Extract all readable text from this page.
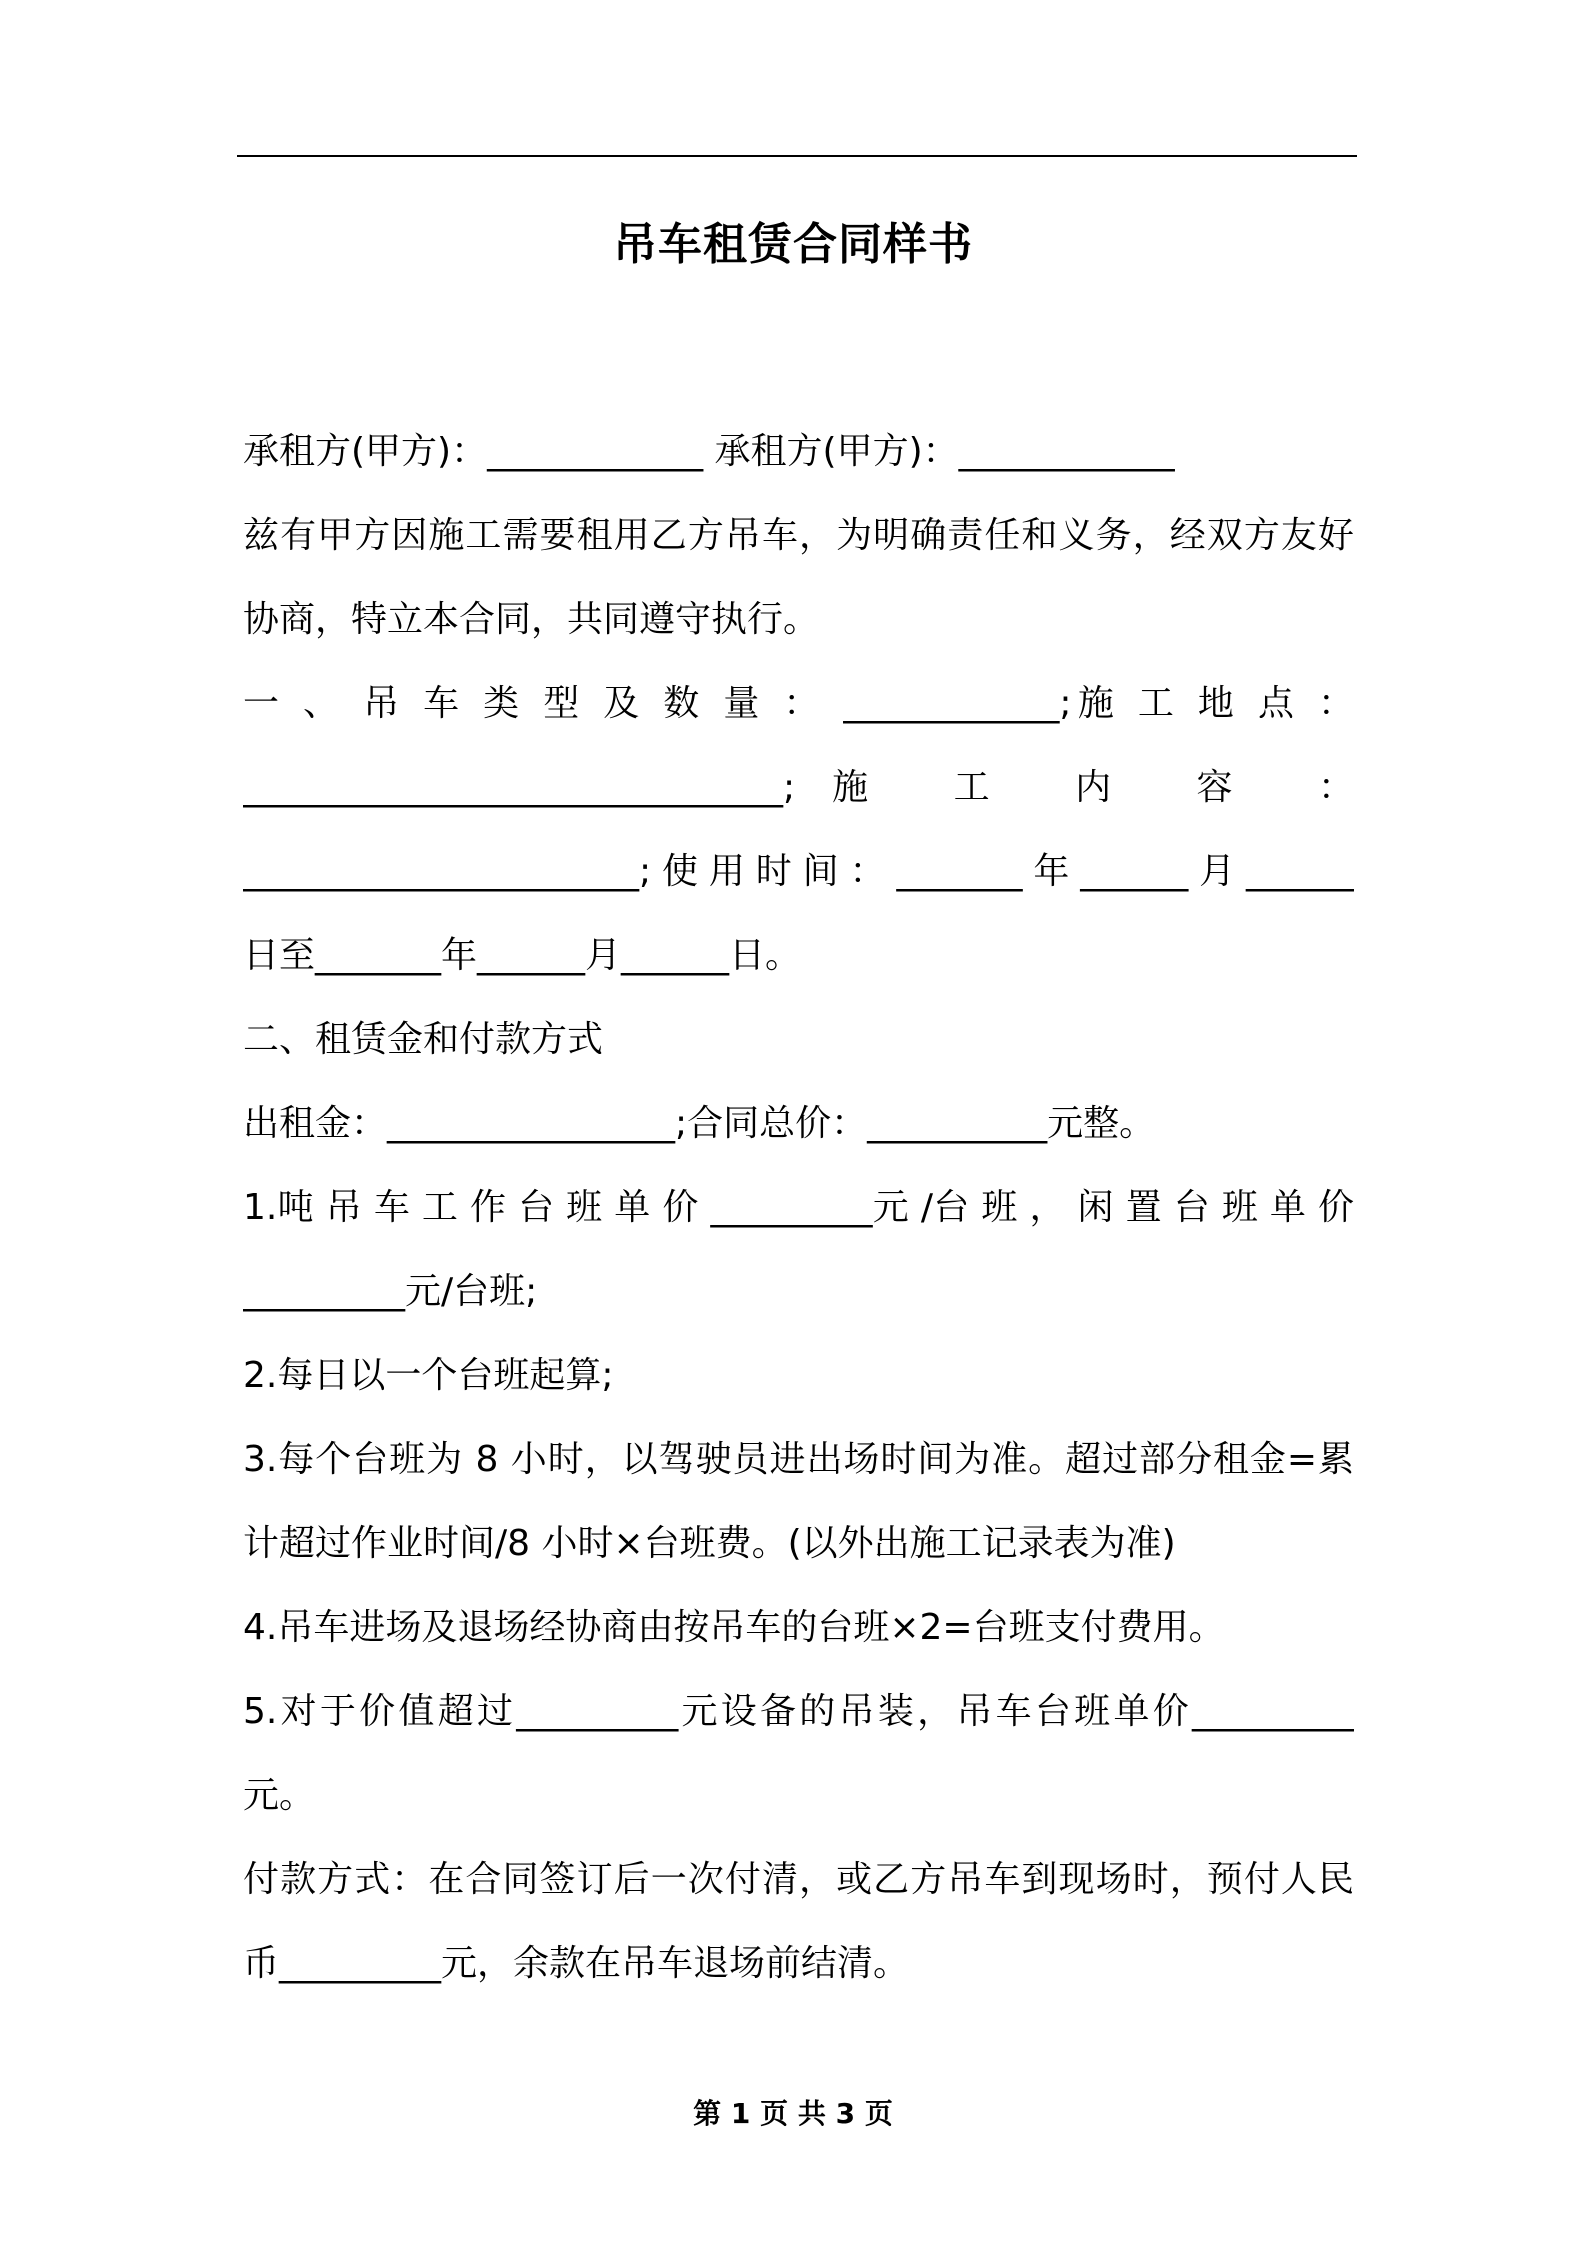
吊车租赁合同样书
承租方(甲方)：____________ 承租方(甲方)：____________
兹有甲方因施工需要租用乙方吊车，为明确责任和义务，经双方友好
协商，特立本合同，共同遵守执行。
一 、 吊 车 类 型 及 数 量 ： ____________;施 工 地 点 ：
______________________________;施 工 内 容 ：
______________________;使用时间：_______年______月______
日至_______年______月______日。
二、租赁金和付款方式
出租金：________________;合同总价：__________元整。
1.吨 吊 车 工 作 台 班 单 价 _________元 /台 班 ， 闲 置 台 班 单 价
_________元/台班;
2.每日以一个台班起算;
3.每个台班为 8 小时，以驾驶员进出场时间为准。超过部分租金=累
计超过作业时间/8 小时×台班费。(以外出施工记录表为准)
4.吊车进场及退场经协商由按吊车的台班×2=台班支付费用。
5.对于价值超过_________元设备的吊装，吊车台班单价_________
元。
付款方式：在合同签订后一次付清，或乙方吊车到现场时，预付人民
币_________元，余款在吊车退场前结清。
第 1 页 共 3 页
